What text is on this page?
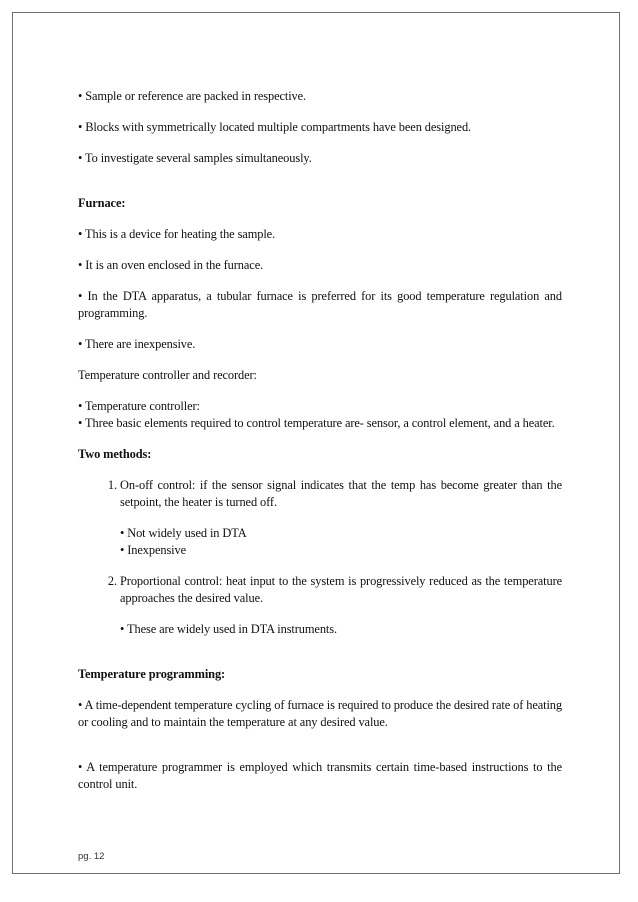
• Sample or reference are packed in respective.

• Blocks with symmetrically located multiple compartments have been designed.

• To investigate several samples simultaneously.

Furnace:

• This is a device for heating the sample.

• It is an oven enclosed in the furnace.

• In the DTA apparatus, a tubular furnace is preferred for its good temperature regulation and programming.

• There are inexpensive.

Temperature controller and recorder:

• Temperature controller:

• Three basic elements required to control temperature are- sensor, a control element, and a heater.

Two methods:

1. On-off control: if the sensor signal indicates that the temp has become greater than the setpoint, the heater is turned off.

• Not widely used in DTA

• Inexpensive

2. Proportional control: heat input to the system is progressively reduced as the temperature approaches the desired value.

• These are widely used in DTA instruments.

Temperature programming:

• A time-dependent temperature cycling of furnace is required to produce the desired rate of heating or cooling and to maintain the temperature at any desired value.

• A temperature programmer is employed which transmits certain time-based instructions to the control unit.

pg. 12
